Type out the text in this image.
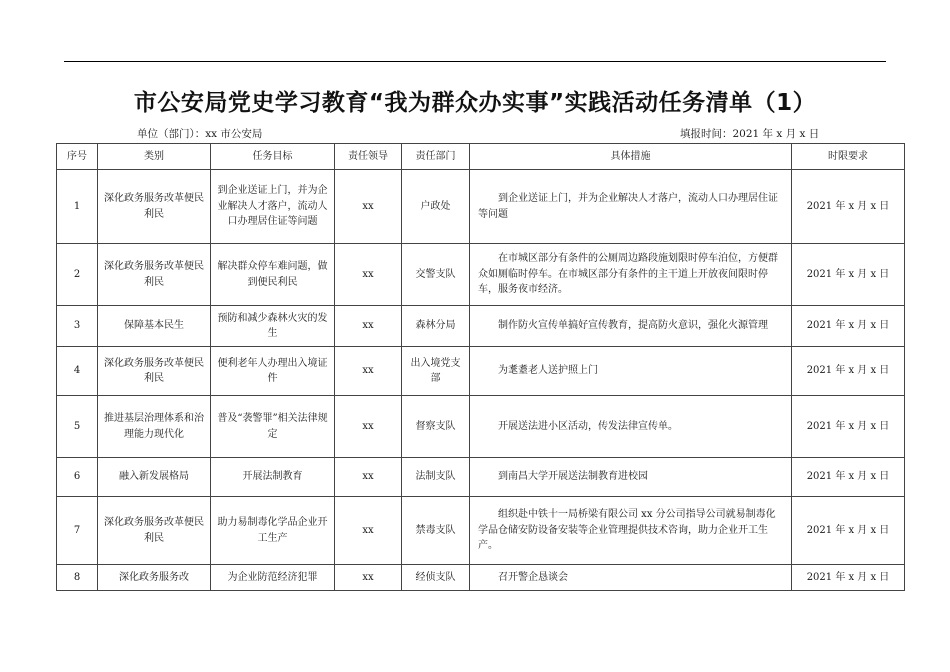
市公安局党史学习教育“我为群众办实事”实践活动任务清单（1）
单位（部门）：xx 市公安局	填报时间：2021 年 x 月 x 日
序号	类别	任务目标	责任领导	责任部门	具体措施	时限要求
1	深化政务服务改革便民利民	到企业送证上门，并为企业解决人才落户，流动人口办理居住证等问题	xx	户政处	到企业送证上门，并为企业解决人才落户，流动人口办理居住证等问题	2021 年 x 月 x 日
2	深化政务服务改革便民利民	解决群众停车难问题，做到便民利民	xx	交警支队	在市城区部分有条件的公厕周边路段施划限时停车泊位，方便群众如厕临时停车。在市城区部分有条件的主干道上开放夜间限时停车，服务夜市经济。	2021 年 x 月 x 日
3	保障基本民生	预防和减少森林火灾的发生	xx	森林分局	制作防火宣传单搞好宣传教育，提高防火意识，强化火源管理	2021 年 x 月 x 日
4	深化政务服务改革便民利民	便利老年人办理出入境证件	xx	出入境党支部	为耄耋老人送护照上门	2021 年 x 月 x 日
5	推进基层治理体系和治理能力现代化	普及“袭警罪”相关法律规定	xx	督察支队	开展送法进小区活动，传发法律宣传单。	2021 年 x 月 x 日
6	融入新发展格局	开展法制教育	xx	法制支队	到南昌大学开展送法制教育进校园	2021 年 x 月 x 日
7	深化政务服务改革便民利民	助力易制毒化学品企业开工生产	xx	禁毒支队	组织赴中铁十一局桥梁有限公司 xx 分公司指导公司就易制毒化学品仓储安防设备安装等企业管理提供技术咨询，助力企业开工生产。	2021 年 x 月 x 日
8	深化政务服务改	为企业防范经济犯罪	xx	经侦支队	召开警企恳谈会	2021 年 x 月 x 日
